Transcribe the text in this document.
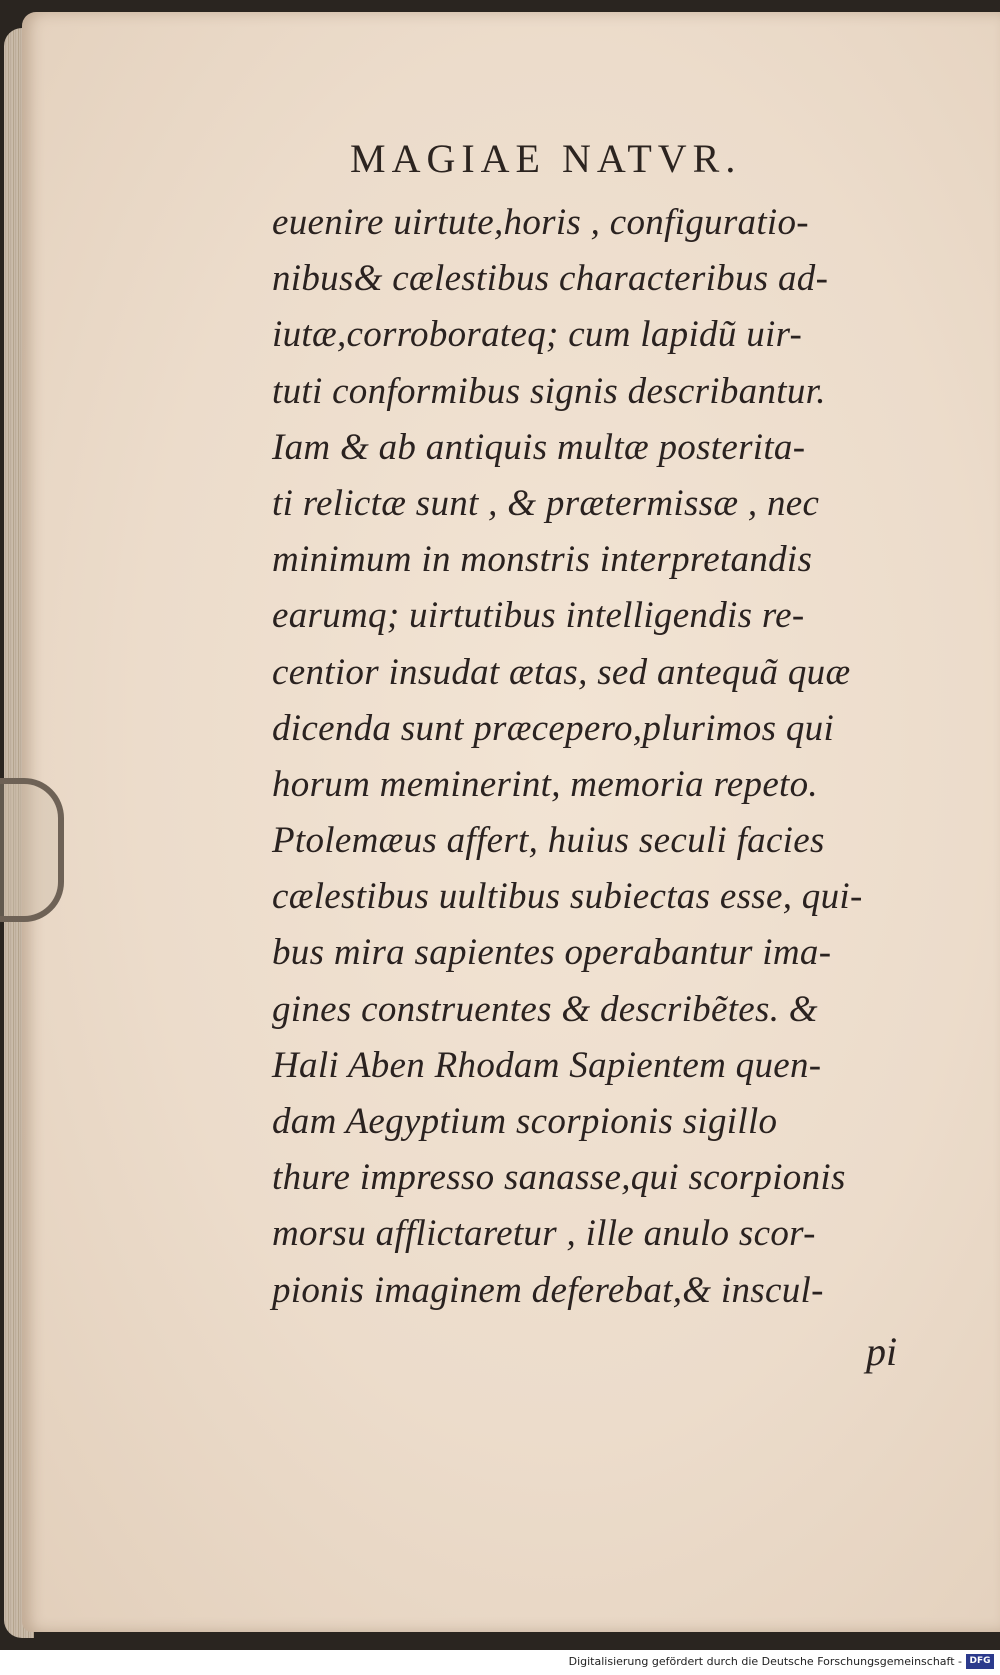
MAGIAE NATVR.
euenire uirtute,horis , configuratio-
nibus& cælestibus characteribus ad-
iutæ,corroborateq; cum lapidũ uir-
tuti conformibus signis describantur.
Iam & ab antiquis multæ posterita-
ti relictæ sunt , & prætermissæ , nec
minimum in monstris interpretandis
earumq; uirtutibus intelligendis re-
centior insudat ætas, sed antequã quæ
dicenda sunt præcepero,plurimos qui
horum meminerint, memoria repeto.
Ptolemæus affert, huius seculi facies
cælestibus uultibus subiectas esse, qui-
bus mira sapientes operabantur ima-
gines construentes & describẽtes. &
Hali Aben Rhodam Sapientem quen-
dam Aegyptium scorpionis sigillo
thure impresso sanasse,qui scorpionis
morsu afflictaretur , ille anulo scor-
pionis imaginem deferebat,& inscul-
pi
Digitalisierung gefördert durch die Deutsche Forschungsgemeinschaft - DFG
